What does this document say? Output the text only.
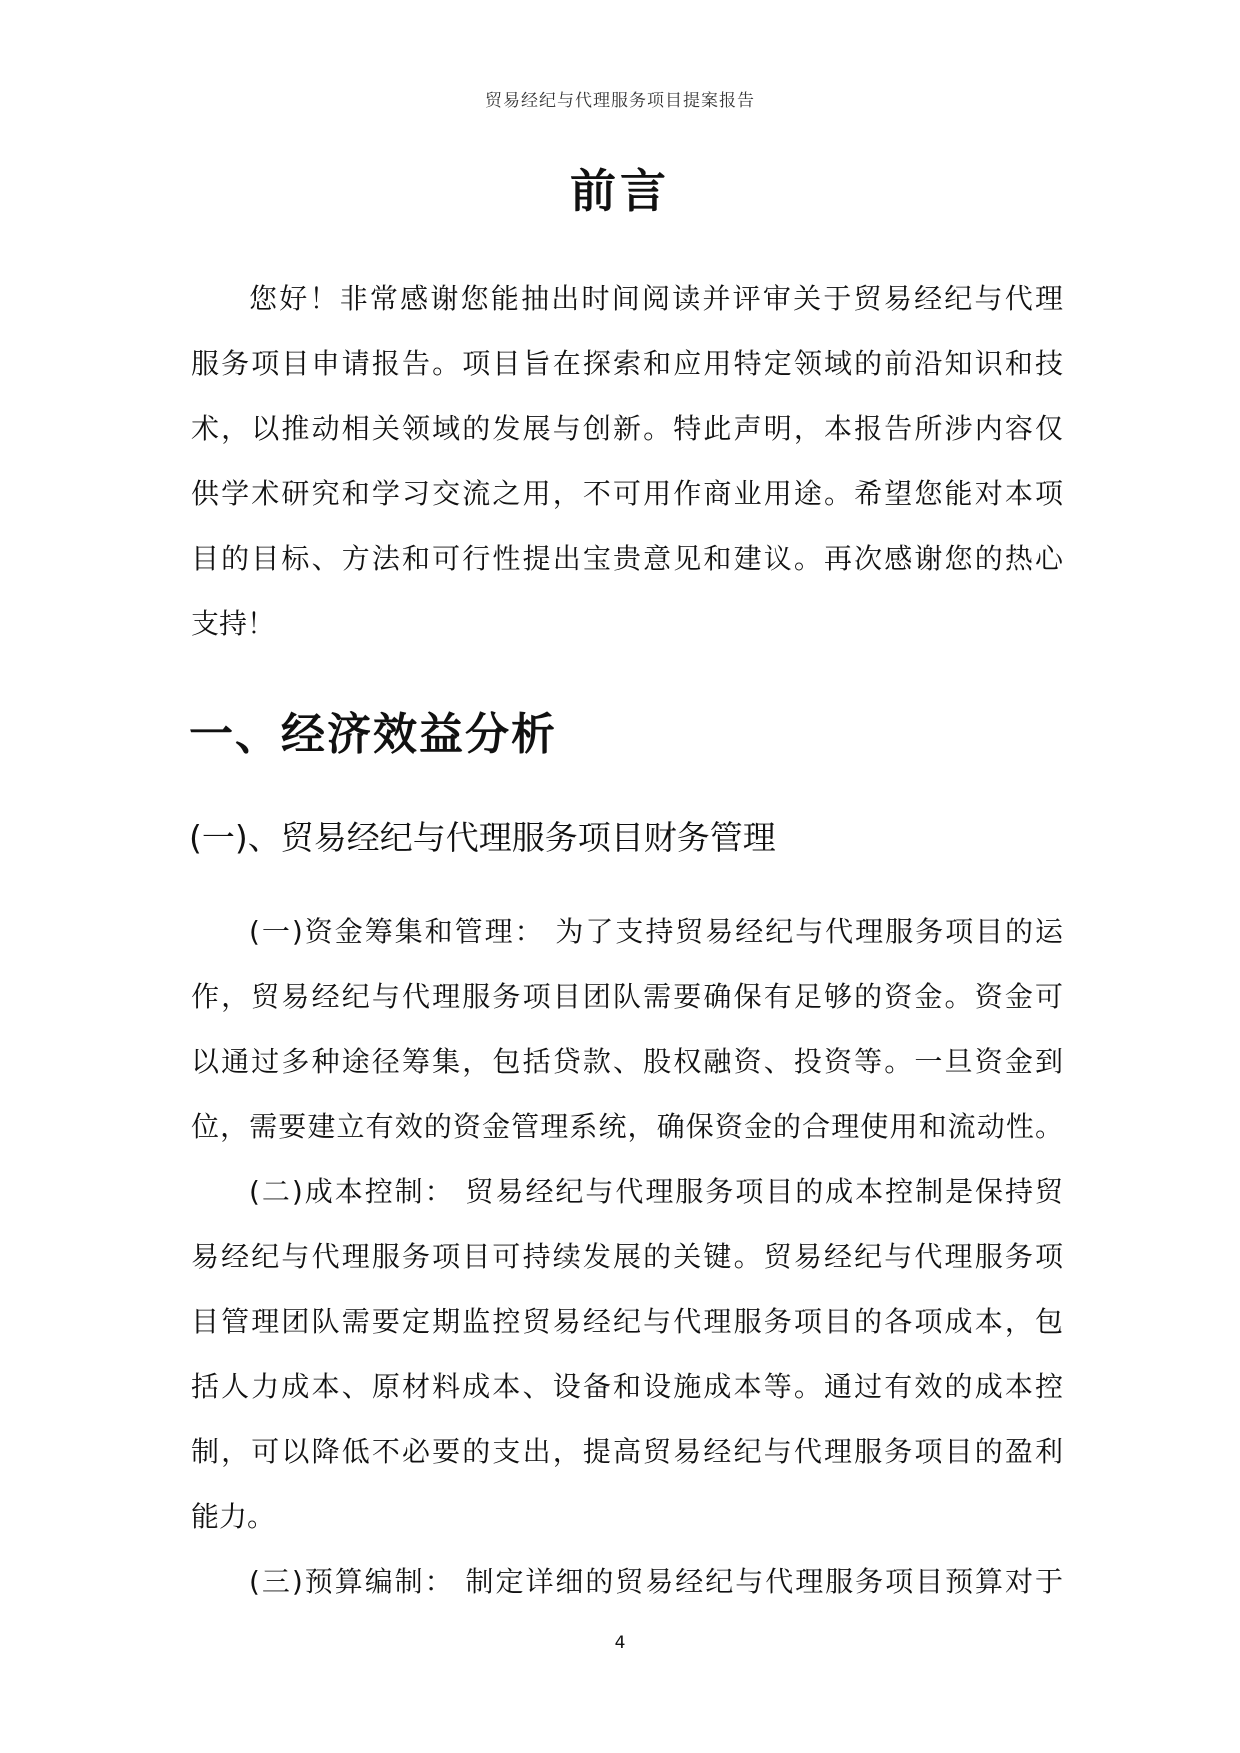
贸易经纪与代理服务项目提案报告
前言
您好！非常感谢您能抽出时间阅读并评审关于贸易经纪与代理
服务项目申请报告。项目旨在探索和应用特定领域的前沿知识和技
术，以推动相关领域的发展与创新。特此声明，本报告所涉内容仅
供学术研究和学习交流之用，不可用作商业用途。希望您能对本项
目的目标、方法和可行性提出宝贵意见和建议。再次感谢您的热心
支持！
一、经济效益分析
(一)、贸易经纪与代理服务项目财务管理
(一)资金筹集和管理： 为了支持贸易经纪与代理服务项目的运
作，贸易经纪与代理服务项目团队需要确保有足够的资金。资金可
以通过多种途径筹集，包括贷款、股权融资、投资等。一旦资金到
位，需要建立有效的资金管理系统，确保资金的合理使用和流动性。
(二)成本控制： 贸易经纪与代理服务项目的成本控制是保持贸
易经纪与代理服务项目可持续发展的关键。贸易经纪与代理服务项
目管理团队需要定期监控贸易经纪与代理服务项目的各项成本，包
括人力成本、原材料成本、设备和设施成本等。通过有效的成本控
制，可以降低不必要的支出，提高贸易经纪与代理服务项目的盈利
能力。
(三)预算编制： 制定详细的贸易经纪与代理服务项目预算对于
4
